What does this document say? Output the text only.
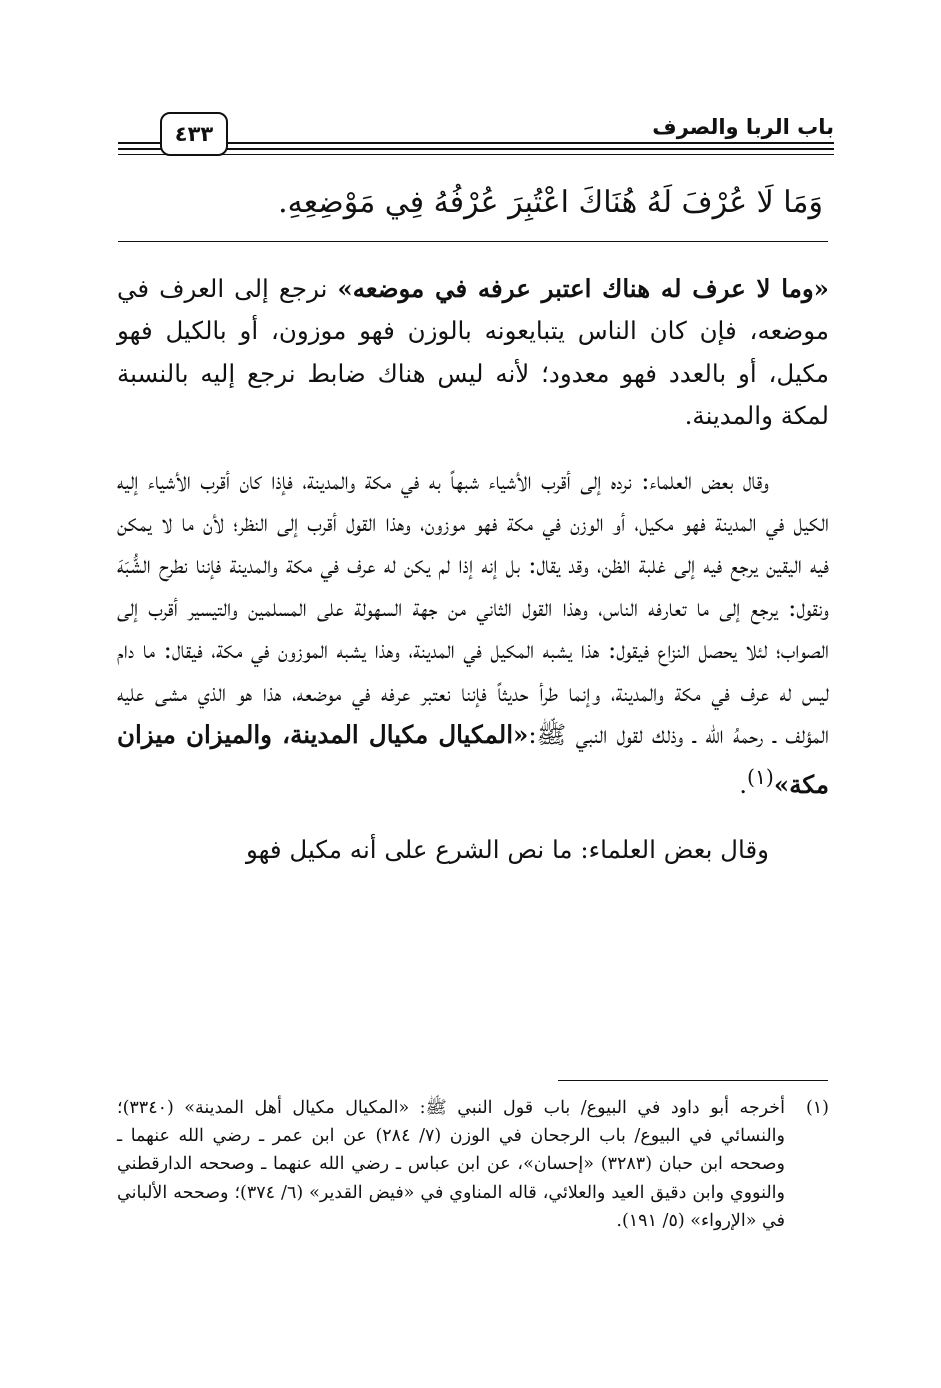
باب الربا والصرف
٤٣٣
وَمَا لَا عُرْفَ لَهُ هُنَاكَ اعْتُبِرَ عُرْفُهُ فِي مَوْضِعِهِ.

«وما لا عرف له هناك اعتبر عرفه في موضعه» نرجع إلى العرف في موضعه، فإن كان الناس يتبايعونه بالوزن فهو موزون، أو بالكيل فهو مكيل، أو بالعدد فهو معدود؛ لأنه ليس هناك ضابط نرجع إليه بالنسبة لمكة والمدينة.

وقال بعض العلماء: نرده إلى أقرب الأشياء شبهاً به في مكة والمدينة، فإذا كان أقرب الأشياء إليه الكيل في المدينة فهو مكيل، أو الوزن في مكة فهو موزون، وهذا القول أقرب إلى النظر؛ لأن ما لا يمكن فيه اليقين يرجع فيه إلى غلبة الظن، وقد يقال: بل إنه إذا لم يكن له عرف في مكة والمدينة فإننا نطرح الشُّبَهَ ونقول: يرجع إلى ما تعارفه الناس، وهذا القول الثاني من جهة السهولة على المسلمين والتيسير أقرب إلى الصواب؛ لئلا يحصل النزاع فيقول: هذا يشبه المكيل في المدينة، وهذا يشبه الموزون في مكة، فيقال: ما دام ليس له عرف في مكة والمدينة، وإنما طرأ حديثاً فإننا نعتبر عرفه في موضعه، هذا هو الذي مشى عليه المؤلف ـ رحمهُ الله ـ وذلك لقول النبي ﷺ:«المكيال مكيال المدينة، والميزان ميزان مكة»$^{(١)}$.

وقال بعض العلماء: ما نص الشرع على أنه مكيل فهو

(١)
أخرجه أبو داود في البيوع/ باب قول النبي ﷺ: «المكيال مكيال أهل المدينة» (٣٣٤٠)؛ والنسائي في البيوع/ باب الرجحان في الوزن (٧/ ٢٨٤) عن ابن عمر ـ رضي الله عنهما ـ وصححه ابن حبان (٣٢٨٣) «إحسان»، عن ابن عباس ـ رضي الله عنهما ـ وصححه الدارقطني والنووي وابن دقيق العيد والعلائي، قاله المناوي في «فيض القدير» (٦/ ٣٧٤)؛ وصححه الألباني في «الإرواء» (٥/ ١٩١).
